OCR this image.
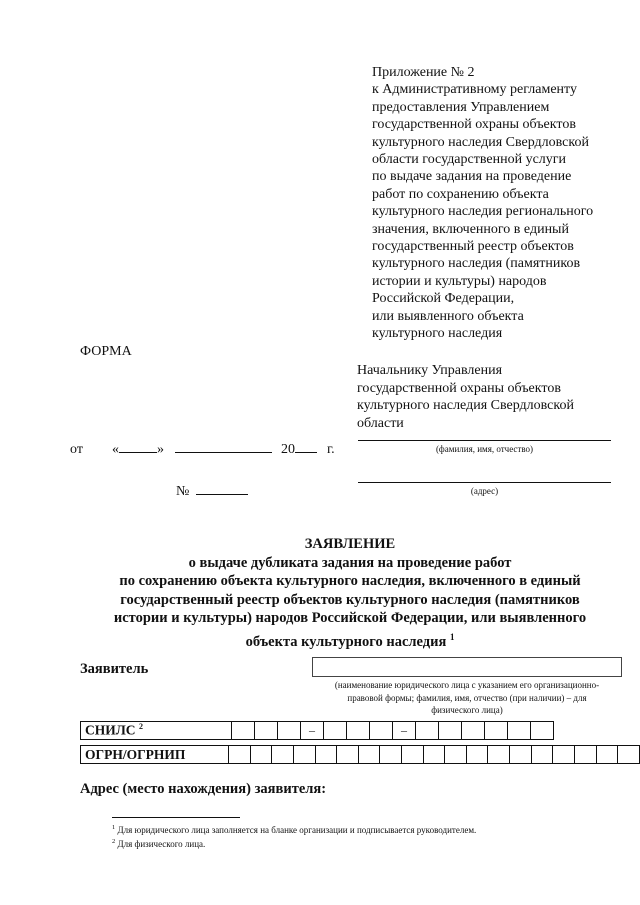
Приложение № 2
к Административному регламенту
предоставления Управлением
государственной охраны объектов
культурного наследия Свердловской
области государственной услуги
по выдаче задания на проведение
работ по сохранению объекта
культурного наследия регионального
значения, включенного в единый
государственный реестр объектов
культурного наследия (памятников
истории и культуры) народов
Российской Федерации,
или выявленного объекта
культурного наследия
ФОРМА
Начальнику Управления
государственной охраны объектов
культурного наследия Свердловской
области
(фамилия, имя, отчество)
(адрес)
от «	»	20 г.
№
ЗАЯВЛЕНИЕ
о выдаче дубликата задания на проведение работ
по сохранению объекта культурного наследия, включенного в единый
государственный реестр объектов культурного наследия (памятников
истории и культуры) народов Российской Федерации, или выявленного
объекта культурного наследия $^1$
Заявитель
(наименование юридического лица с указанием его организационно-
правовой формы; фамилия, имя, отчество (при наличии) – для
физического лица)
СНИЛС $^2$				–				–						
ОГРН/ОГРНИП																			
Адрес (место нахождения) заявителя:
$^1$ Для юридического лица заполняется на бланке организации и подписывается руководителем.
$^2$ Для физического лица.
